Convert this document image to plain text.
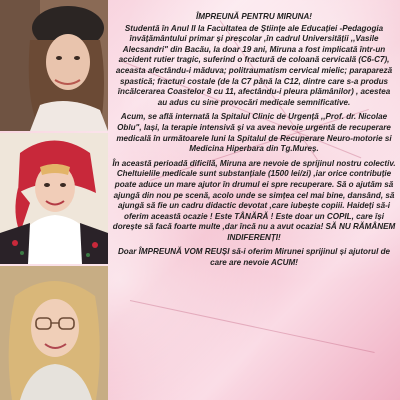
ÎMPREUNĂ PENTRU MIRUNA!

Studentă în Anul II la Facultatea de Științe ale Educației -Pedagogia învățământului primar și preșcolar ,în cadrul Universității ,,Vasile Alecsandri" din Bacău, la doar 19 ani, Miruna a fost implicată într-un accident rutier tragic, suferind o fractură de coloană cervicală (C6-C7), aceasta afectându-i măduva; politraumatism cervical mielic; parapareză spastică; fracturi costale (de la C7 până la C12, dintre care s-a produs încălcerarea Coastelor 8 cu 11, afectându-i pleura plămânilor) , acestea au adus cu sine provocări medicale semnificative.

Acum, se află internată la Spitalul Clinic de Urgență ,,Prof. dr. Nicolae Oblu", Iași, la terapie intensivă și va avea nevoie urgentă de recuperare medicală în următoarele luni la Spitalul de Recuperare Neuro-motorie si Medicina Hiperbara din Tg.Mureș.

În această perioadă dificilă, Miruna are nevoie de sprijinul nostru colectiv. Cheltuielile medicale sunt substanțiale (1500 lei/zi) ,iar orice contribuție poate aduce un mare ajutor în drumul ei spre recuperare. Să o ajutăm să ajungă din nou pe scenă, acolo unde se simțea cel mai bine, dansând, să ajungă să fie un cadru didactic devotat ,care iubește copiii. Haideți să-i oferim această ocazie ! Este TÂNĂRĂ ! Este doar un COPIL, care își dorește să facă foarte multe ,dar încă nu a avut ocazia! SĂ NU RĂMÂNEM INDIFERENȚI!

Doar ÎMPREUNĂ VOM REUȘI să-i oferim Mirunei sprijinul și ajutorul de care are nevoie ACUM!
